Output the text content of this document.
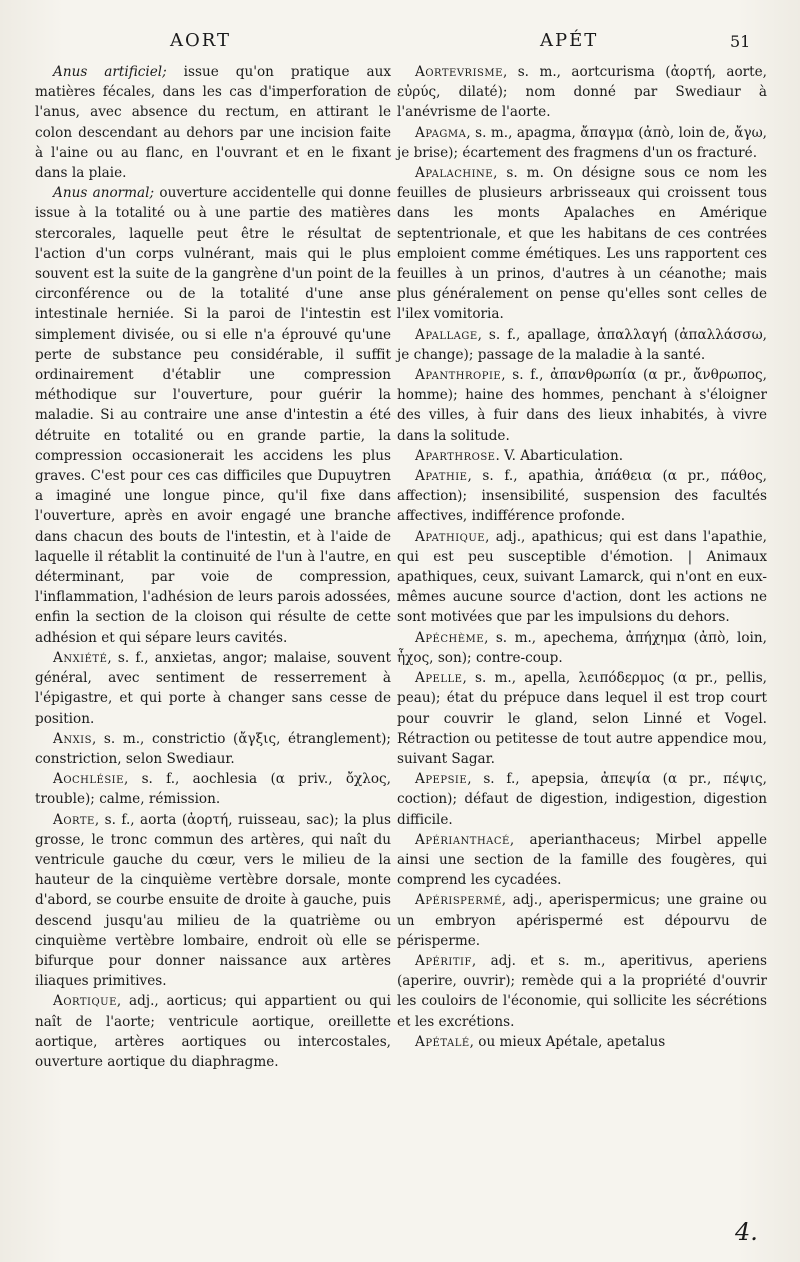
AORT	APÉT	51

Anus artificiel; issue qu'on pratique aux matières fécales, dans les cas d'imperforation de l'anus, avec absence du rectum, en attirant le colon descendant au dehors par une incision faite à l'aine ou au flanc, en l'ouvrant et en le fixant dans la plaie.

Anus anormal; ouverture accidentelle qui donne issue à la totalité ou à une partie des matières stercorales, laquelle peut être le résultat de l'action d'un corps vulnérant, mais qui le plus souvent est la suite de la gangrène d'un point de la circonférence ou de la totalité d'une anse intestinale herniée. Si la paroi de l'intestin est simplement divisée, ou si elle n'a éprouvé qu'une perte de substance peu considérable, il suffit ordinairement d'établir une compression méthodique sur l'ouverture, pour guérir la maladie. Si au contraire une anse d'intestin a été détruite en totalité ou en grande partie, la compression occasionerait les accidens les plus graves. C'est pour ces cas difficiles que Dupuytren a imaginé une longue pince, qu'il fixe dans l'ouverture, après en avoir engagé une branche dans chacun des bouts de l'intestin, et à l'aide de laquelle il rétablit la continuité de l'un à l'autre, en déterminant, par voie de compression, l'inflammation, l'adhésion de leurs parois adossées, enfin la section de la cloison qui résulte de cette adhésion et qui sépare leurs cavités.

Anxiété, s. f., anxietas, angor; malaise, souvent général, avec sentiment de resserrement à l'épigastre, et qui porte à changer sans cesse de position.

Anxis, s. m., constrictio (ἄγξις, étranglement); constriction, selon Swediaur.

Aochlésie, s. f., aochlesia (α priv., ὄχλος, trouble); calme, rémission.

Aorte, s. f., aorta (ἀορτή, ruisseau, sac); la plus grosse, le tronc commun des artères, qui naît du ventricule gauche du cœur, vers le milieu de la hauteur de la cinquième vertèbre dorsale, monte d'abord, se courbe ensuite de droite à gauche, puis descend jusqu'au milieu de la quatrième ou cinquième vertèbre lombaire, endroit où elle se bifurque pour donner naissance aux artères iliaques primitives.

Aortique, adj., aorticus; qui appartient ou qui naît de l'aorte; ventricule aortique, oreillette aortique, artères aortiques ou intercostales, ouverture aortique du diaphragme.

Aortevrisme, s. m., aortcurisma (ἀορτή, aorte, εὐρύς, dilaté); nom donné par Swediaur à l'anévrisme de l'aorte.

Apagma, s. m., apagma, ἄπαγμα (ἀπὸ, loin de, ἄγω, je brise); écartement des fragmens d'un os fracturé.

Apalachine, s. m. On désigne sous ce nom les feuilles de plusieurs arbrisseaux qui croissent tous dans les monts Apalaches en Amérique septentrionale, et que les habitans de ces contrées emploient comme émétiques. Les uns rapportent ces feuilles à un prinos, d'autres à un céanothe; mais plus généralement on pense qu'elles sont celles de l'ilex vomitoria.

Apallage, s. f., apallage, ἀπαλλαγή (ἀπαλλάσσω, je change); passage de la maladie à la santé.

Apanthropie, s. f., ἀπανθρωπία (α pr., ἄνθρωπος, homme); haine des hommes, penchant à s'éloigner des villes, à fuir dans des lieux inhabités, à vivre dans la solitude.

Aparthrose. V. Abarticulation.

Apathie, s. f., apathia, ἀπάθεια (α pr., πάθος, affection); insensibilité, suspension des facultés affectives, indifférence profonde.

Apathique, adj., apathicus; qui est dans l'apathie, qui est peu susceptible d'émotion. | Animaux apathiques, ceux, suivant Lamarck, qui n'ont en eux-mêmes aucune source d'action, dont les actions ne sont motivées que par les impulsions du dehors.

Apéchème, s. m., apechema, ἀπήχημα (ἀπὸ, loin, ἦχος, son); contre-coup.

Apelle, s. m., apella, λειπόδερμος (α pr., pellis, peau); état du prépuce dans lequel il est trop court pour couvrir le gland, selon Linné et Vogel. Rétraction ou petitesse de tout autre appendice mou, suivant Sagar.

Apepsie, s. f., apepsia, ἀπεψία (α pr., πέψις, coction); défaut de digestion, indigestion, digestion difficile.

Apérianthacé, aperianthaceus; Mirbel appelle ainsi une section de la famille des fougères, qui comprend les cycadées.

Apérispermé, adj., aperispermicus; une graine ou un embryon apérispermé est dépourvu de périsperme.

Apéritif, adj. et s. m., aperitivus, aperiens (aperire, ouvrir); remède qui a la propriété d'ouvrir les couloirs de l'économie, qui sollicite les sécrétions et les excrétions.

Apétalé, ou mieux Apétale, apetalus

4.
